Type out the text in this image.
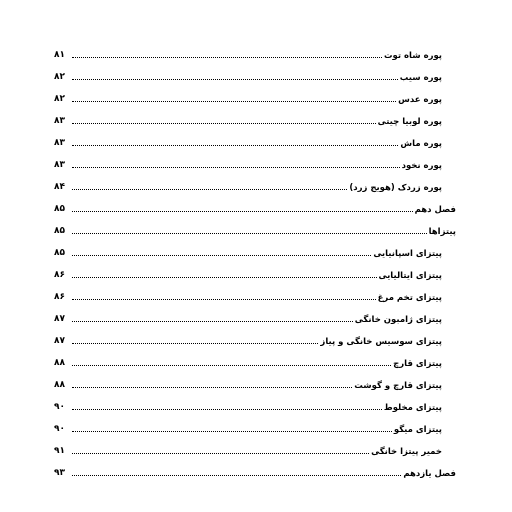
پوره شاه توت
۸۱
پوره سیب
۸۲
پوره عدس
۸۲
پوره لوبیا چیتی
۸۳
پوره ماش
۸۳
پوره نخود
۸۳
پوره زردک (هویج زرد)
۸۴
فصل دهم
۸۵
پیتزاها
۸۵
پیتزای اسپانیایی
۸۵
پیتزای ایتالیایی
۸۶
پیتزای تخم مرغ
۸۶
پیتزای ژامبون خانگی
۸۷
پیتزای سوسیس خانگی و پیاز
۸۷
پیتزای قارچ
۸۸
پیتزای قارچ و گوشت
۸۸
پیتزای مخلوط
۹۰
پیتزای میگو
۹۰
خمیر پیتزا خانگی
۹۱
فصل یازدهم
۹۳
